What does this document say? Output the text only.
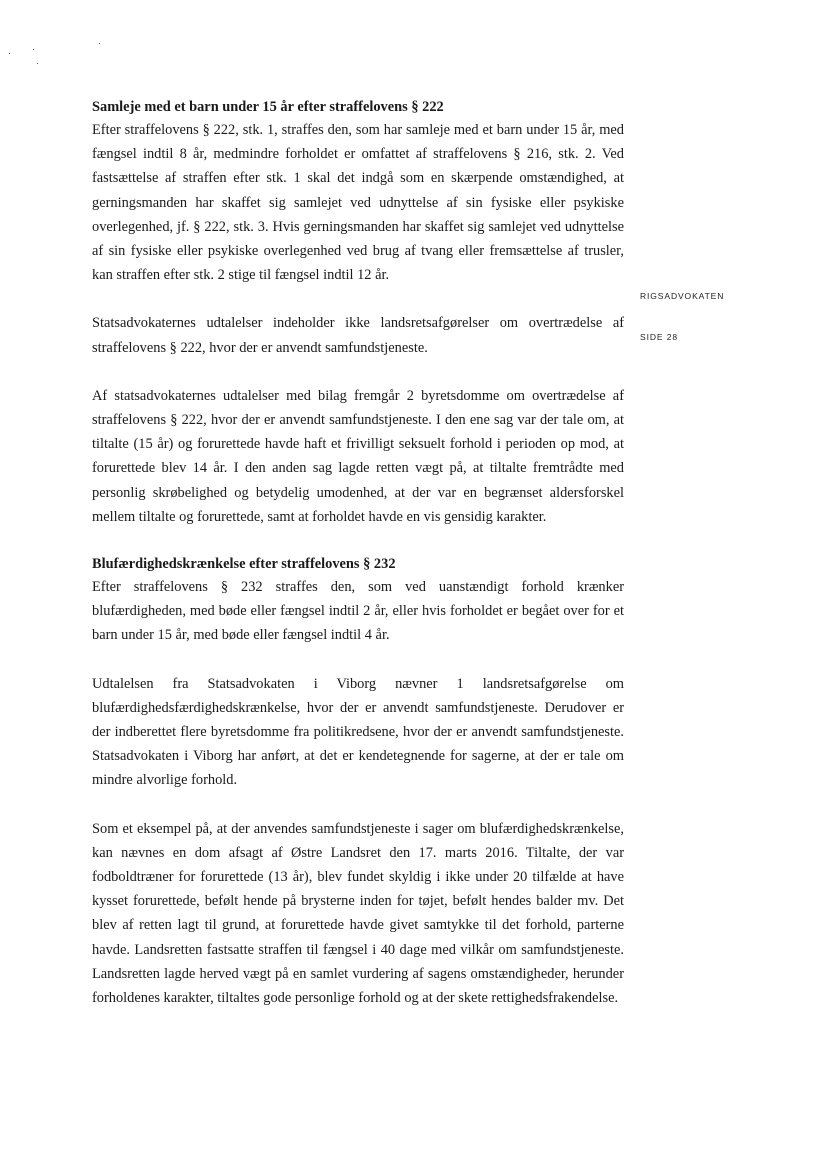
· ·
·
·
RIGSADVOKATEN
SIDE 28
Samleje med et barn under 15 år efter straffelovens § 222

Efter straffelovens § 222, stk. 1, straffes den, som har samleje med et barn under 15 år, med fængsel indtil 8 år, medmindre forholdet er omfattet af straffelovens § 216, stk. 2. Ved fastsættelse af straffen efter stk. 1 skal det indgå som en skærpende omstændighed, at gerningsmanden har skaffet sig samlejet ved udnyttelse af sin fysiske eller psykiske overlegenhed, jf. § 222, stk. 3. Hvis gerningsmanden har skaffet sig samlejet ved udnyttelse af sin fysiske eller psykiske overlegenhed ved brug af tvang eller fremsættelse af trusler, kan straffen efter stk. 2 stige til fængsel indtil 12 år.

Statsadvokaternes udtalelser indeholder ikke landsretsafgørelser om overtrædelse af straffelovens § 222, hvor der er anvendt samfundstjeneste.

Af statsadvokaternes udtalelser med bilag fremgår 2 byretsdomme om overtrædelse af straffelovens § 222, hvor der er anvendt samfundstjeneste. I den ene sag var der tale om, at tiltalte (15 år) og forurettede havde haft et frivilligt seksuelt forhold i perioden op mod, at forurettede blev 14 år. I den anden sag lagde retten vægt på, at tiltalte fremtrådte med personlig skrøbelighed og betydelig umodenhed, at der var en begrænset aldersforskel mellem tiltalte og forurettede, samt at forholdet havde en vis gensidig karakter.

Blufærdighedskrænkelse efter straffelovens § 232

Efter straffelovens § 232 straffes den, som ved uanstændigt forhold krænker blufærdigheden, med bøde eller fængsel indtil 2 år, eller hvis forholdet er begået over for et barn under 15 år, med bøde eller fængsel indtil 4 år.

Udtalelsen fra Statsadvokaten i Viborg nævner 1 landsretsafgørelse om blufærdighedsfærdighedskrænkelse, hvor der er anvendt samfundstjeneste. Derudover er der indberettet flere byretsdomme fra politikredsene, hvor der er anvendt samfundstjeneste. Statsadvokaten i Viborg har anført, at det er kendetegnende for sagerne, at der er tale om mindre alvorlige forhold.

Som et eksempel på, at der anvendes samfundstjeneste i sager om blufærdighedskrænkelse, kan nævnes en dom afsagt af Østre Landsret den 17. marts 2016. Tiltalte, der var fodboldtræner for forurettede (13 år), blev fundet skyldig i ikke under 20 tilfælde at have kysset forurettede, befølt hende på brysterne inden for tøjet, befølt hendes balder mv. Det blev af retten lagt til grund, at forurettede havde givet samtykke til det forhold, parterne havde. Landsretten fastsatte straffen til fængsel i 40 dage med vilkår om samfundstjeneste. Landsretten lagde herved vægt på en samlet vurdering af sagens omstændigheder, herunder forholdenes karakter, tiltaltes gode personlige forhold og at der skete rettighedsfrakendelse.
